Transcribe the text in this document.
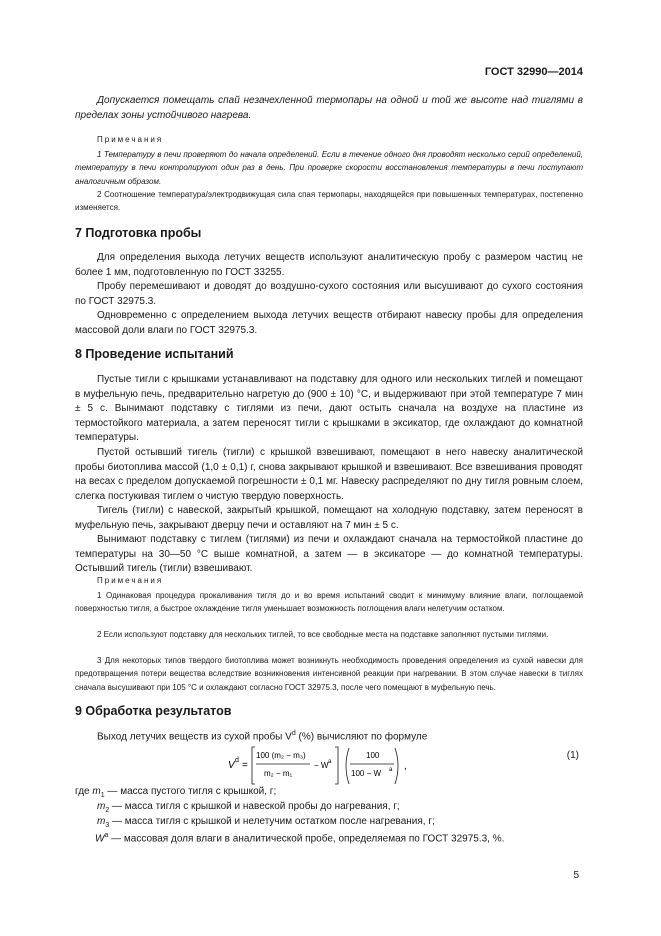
ГОСТ 32990—2014

Допускается помещать спай незачехленной термопары на одной и той же высоте над тиглями в пределах зоны устойчивого нагрева.

Примечания

1 Температуру в печи проверяют до начала определений. Если в течение одного дня проводят несколько серий определений, температуру в печи контролируют один раз в день. При проверке скорости восстановления температуры в печи поступают аналогичным образом.

2 Соотношение температура/электродвижущая сила спая термопары, находящейся при повышенных температурах, постепенно изменяется.

7 Подготовка пробы

Для определения выхода летучих веществ используют аналитическую пробу с размером частиц не более 1 мм, подготовленную по ГОСТ 33255.

Пробу перемешивают и доводят до воздушно-сухого состояния или высушивают до сухого состояния по ГОСТ 32975.3.

Одновременно с определением выхода летучих веществ отбирают навеску пробы для определения массовой доли влаги по ГОСТ 32975.3.

8 Проведение испытаний

Пустые тигли с крышками устанавливают на подставку для одного или нескольких тиглей и помещают в муфельную печь, предварительно нагретую до (900 ± 10) °C, и выдерживают при этой температуре 7 мин ± 5 с. Вынимают подставку с тиглями из печи, дают остыть сначала на воздухе на пластине из термостойкого материала, а затем переносят тигли с крышками в эксикатор, где охлаждают до комнатной температуры.

Пустой остывший тигель (тигли) с крышкой взвешивают, помещают в него навеску аналитической пробы биотоплива массой (1,0 ± 0,1) г, снова закрывают крышкой и взвешивают. Все взвешивания проводят на весах с пределом допускаемой погрешности ± 0,1 мг. Навеску распределяют по дну тигля ровным слоем, слегка постукивая тиглем о чистую твердую поверхность.

Тигель (тигли) с навеской, закрытый крышкой, помещают на холодную подставку, затем переносят в муфельную печь, закрывают дверцу печи и оставляют на 7 мин ± 5 с.

Вынимают подставку с тиглем (тиглями) из печи и охлаждают сначала на термостойкой пластине до температуры на 30—50 °C выше комнатной, а затем — в эксикаторе — до комнатной температуры. Остывший тигель (тигли) взвешивают.

Примечания

1 Одинаковая процедура прокаливания тигля до и во время испытаний сводит к минимуму влияние влаги, поглощаемой поверхностью тигля, а быстрое охлаждение тигля уменьшает возможность поглощения влаги нелетучим остатком.

2 Если используют подставку для нескольких тиглей, то все свободные места на подставке заполняют пустыми тиглями.

3 Для некоторых типов твердого биотоплива может возникнуть необходимость проведения определения из сухой навески для предотвращения потери вещества вследствие возникновения интенсивной реакции при нагревании. В этом случае навески в тиглях сначала высушивают при 105 °C и охлаждают согласно ГОСТ 32975.3, после чего помещают в муфельную печь.

9 Обработка результатов
Выход летучих веществ из сухой пробы $V^d$ (%) вычисляют по формуле
V d =
100 (m₂ − m₃)
m₂ − m₁
− W a
100
100 − W a ,
(1)
где $m_1$ — масса пустого тигля с крышкой, г;
$m_2$ — масса тигля с крышкой и навеской пробы до нагревания, г;
$m_3$ — масса тигля с крышкой и нелетучим остатком после нагревания, г;
$W^a$ — массовая доля влаги в аналитической пробе, определяемая по ГОСТ 32975.3, %.
5
